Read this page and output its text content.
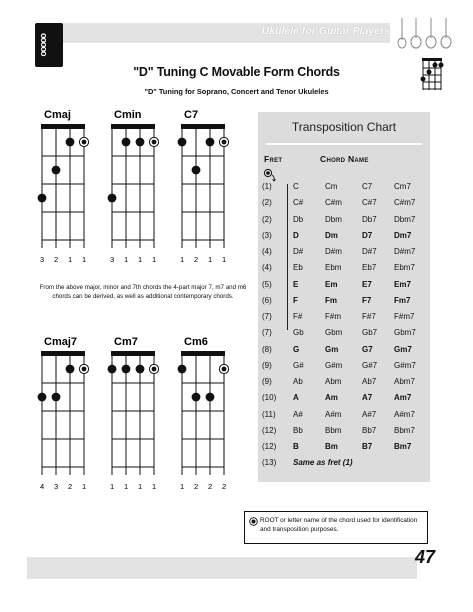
Ukulele for Guitar Players
ooooo
"D" Tuning C Movable Form Chords
"D" Tuning for Soprano, Concert and Tenor Ukuleles
Cmaj
3 2 1 1
Cmin
3 1 1 1
C7
1 2 1 1
Cmaj7
4 3 2 1
Cm7
1 1 1 1
Cm6
1 2 2 2
From the above major, minor and 7th chords the 4-part major 7, m7 and m6 chords can be derived, as well as additional contemporary chords.
Transposition Chart
Fret	Chord Name
(1)	C	Cm	C7	Cm7
(2)	C#	C#m	C#7 C#m7
(2)	Db	Dbm	Db7 Dbm7
(3)	D	Dm	D7	Dm7
(4)	D#	D#m	D#7 D#m7
(4)	Eb	Ebm	Eb7 Ebm7
(5)	E	Em	E7	Em7
(6)	F	Fm	F7	Fm7
(7)	F#	F#m	F#7 F#m7
(7)	Gb	Gbm Gb7 Gbm7
(8)	G	Gm	G7	Gm7
(9)	G#	G#m G#7 G#m7
(9)	Ab	Abm	Ab7 Abm7
(10) A	Am	A7	Am7
(11) A#	A#m	A#7 A#m7
(12) Bb	Bbm	Bb7 Bbm7
(12) B	Bm	B7	Bm7
(13) Same as fret (1)
ROOT or letter name of the chord used for identification and transposition purposes.
47
